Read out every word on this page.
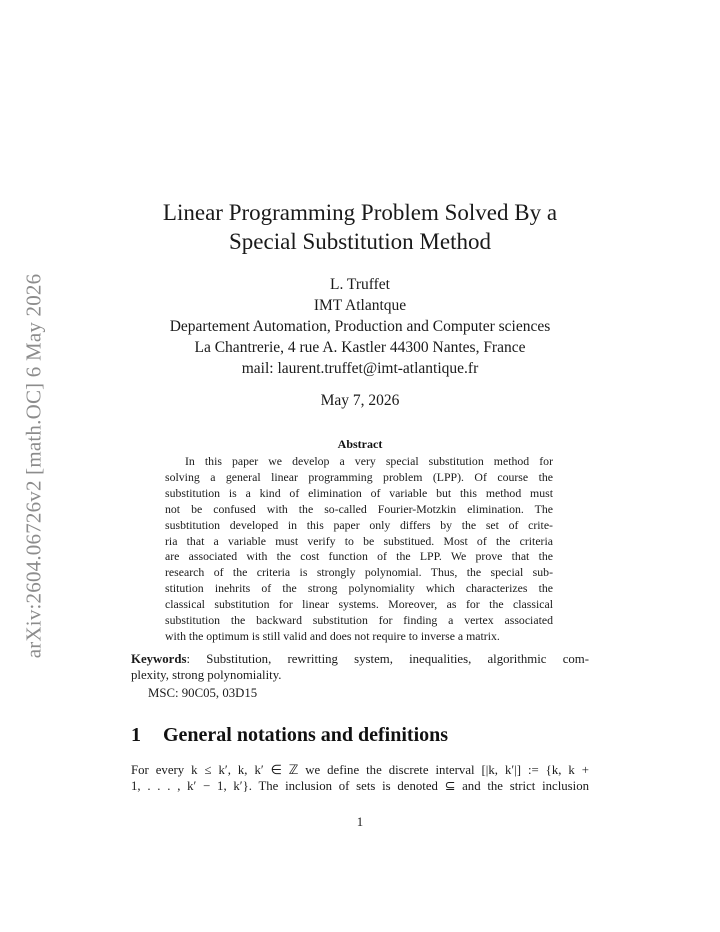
arXiv:2604.06726v2 [math.OC] 6 May 2026
Linear Programming Problem Solved By a
Special Substitution Method
L. Truffet
IMT Atlantque
Departement Automation, Production and Computer sciences
La Chantrerie, 4 rue A. Kastler 44300 Nantes, France
mail: laurent.truffet@imt-atlantique.fr
May 7, 2026
Abstract
In this paper we develop a very special substitution method for
solving a general linear programming problem (LPP). Of course the
substitution is a kind of elimination of variable but this method must
not be confused with the so-called Fourier-Motzkin elimination. The
susbtitution developed in this paper only differs by the set of crite-
ria that a variable must verify to be substitued. Most of the criteria
are associated with the cost function of the LPP. We prove that the
research of the criteria is strongly polynomial. Thus, the special sub-
stitution inehrits of the strong polynomiality which characterizes the
classical substitution for linear systems. Moreover, as for the classical
substitution the backward substitution for finding a vertex associated
with the optimum is still valid and does not require to inverse a matrix.
Keywords: Substitution, rewritting system, inequalities, algorithmic com-
plexity, strong polynomiality.
MSC: 90C05, 03D15
1 General notations and definitions
For every k ≤ k′, k, k′ ∈ ℤ we define the discrete interval [|k, k′|] := {k, k +
1, . . . , k′ − 1, k′}. The inclusion of sets is denoted ⊆ and the strict inclusion
1
